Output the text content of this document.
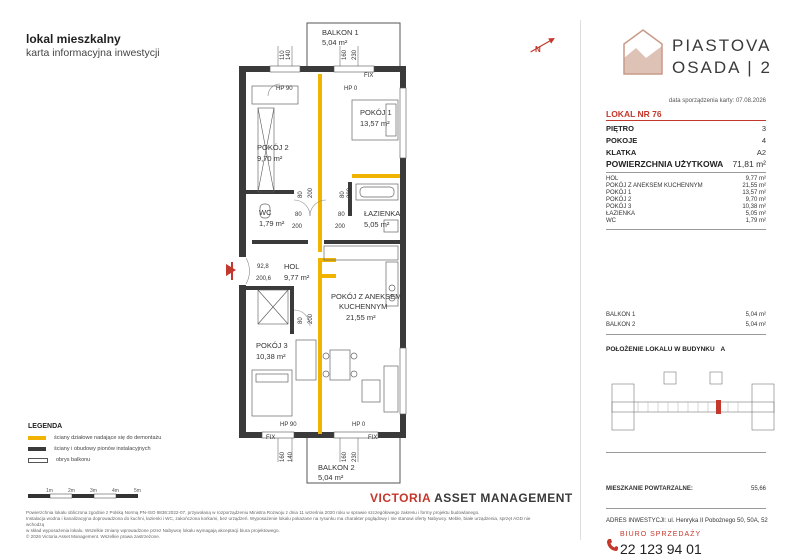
lokal mieszkalny
karta informacyjna inwestycji	110 140	160 230
160 140	160 230
80 200	80 200
80
200
80
200
80 200
BALKON 1
5,04 m²
BALKON 2
5,04 m²
HP 90	HP 0
FIX
POKÓJ 1
13,57 m²
POKÓJ 2
9,70 m²
WC
1,79 m²
ŁAZIENKA
5,05 m²
HOL
9,77 m²
92,8
200,6
POKÓJ Z ANEKSEM
KUCHENNYM
21,55 m²
POKÓJ 3
10,38 m²
HP 90	HP 0
FIX	FIX
N
1m	2m	3m	4m	5m
LEGENDA
ściany działowe nadające się do demontażu
ściany i obudowy pionów instalacyjnych
obrys balkonu
VICTORIA ASSET MANAGEMENT

Powierzchnia lokalu obliczona zgodnie z Polską Normą PN-ISO 9836:2022-07, przywołaną w rozporządzeniu Ministra Rozwoju z dnia 11 września 2020 roku w sprawie szczegółowego zakresu i formy projektu budowlanego.

Instalacja wodna i kanalizacyjna doprowadzona do kuchni, łazienki i WC, zakończona korkami, bez urządzeń. Wyposażenie lokalu pokazane na rysunku ma charakter poglądowy i nie stanowi oferty Nabywcy. Meble, białe urządzenia, sprzęt AGD nie wchodzą

w skład wyposażenia lokalu. Wszelkie zmiany wprowadzone przez Nabywcę lokalu wymagają akceptacji biura projektowego.

© 2026 Victoria Asset Management. Wszelkie prawa zastrzeżone.

PIASTOVA
OSADA | 2
data sporządzenia karty: 07.08.2026
LOKAL NR 76
PIĘTRO	3
POKOJE	4
KLATKA	A2
POWIERZCHNIA UŻYTKOWA 71,81 m²
HOL	9,77 m²
POKÓJ Z ANEKSEM KUCHENNYM	21,55 m²
POKÓJ 1	13,57 m²
POKÓJ 2	9,70 m²
POKÓJ 3	10,38 m²
ŁAZIENKA	5,05 m²
WC	1,79 m²
BALKON 1	5,04 m²
BALKON 2	5,04 m²
POŁOŻENIE LOKALU W BUDYNKU A
MIESZKANIE POWTARZALNE:	55,66
ADRES INWESTYCJI: ul. Henryka II Pobożnego 50, 50A, 52
BIURO SPRZEDAŻY
22 123 94 01
